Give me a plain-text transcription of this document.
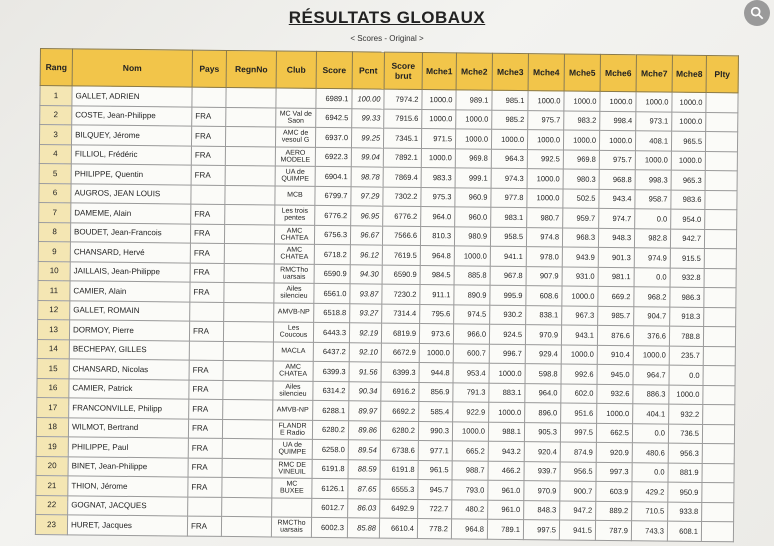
RÉSULTATS GLOBAUX
< Scores - Original >
Rang	Nom	Pays	RegnNo	Club	Score	Pcnt	Score brut	Mche1	Mche2	Mche3	Mche4	Mche5	Mche6	Mche7	Mche8	Plty
1	GALLET, ADRIEN				6989.1	100.00	7974.2	1000.0	989.1	985.1	1000.0	1000.0	1000.0	1000.0	1000.0	
2	COSTE, Jean-Philippe	FRA		MC Val de Saon	6942.5	99.33	7915.6	1000.0	1000.0	985.2	975.7	983.2	998.4	973.1	1000.0	
3	BILQUEY, Jérome	FRA		AMC de vesoul G	6937.0	99.25	7345.1	971.5	1000.0	1000.0	1000.0	1000.0	1000.0	408.1	965.5	
4	FILLIOL, Frédéric	FRA		AERO MODELE	6922.3	99.04	7892.1	1000.0	969.8	964.3	992.5	969.8	975.7	1000.0	1000.0	
5	PHILIPPE, Quentin	FRA		UA de QUIMPE	6904.1	98.78	7869.4	983.3	999.1	974.3	1000.0	980.3	968.8	998.3	965.3	
6	AUGROS, JEAN LOUIS			MCB	6799.7	97.29	7302.2	975.3	960.9	977.8	1000.0	502.5	943.4	958.7	983.6	
7	DAMEME, Alain	FRA		Les trois pentes	6776.2	96.95	6776.2	964.0	960.0	983.1	980.7	959.7	974.7	0.0	954.0	
8	BOUDET, Jean-Francois	FRA		AMC CHATEA	6756.3	96.67	7566.6	810.3	980.9	958.5	974.8	968.3	948.3	982.8	942.7	
9	CHANSARD, Hervé	FRA		AMC CHATEA	6718.2	96.12	7619.5	964.8	1000.0	941.1	978.0	943.9	901.3	974.9	915.5	
10	JAILLAIS, Jean-Philippe	FRA		RMCTho uarsais	6590.9	94.30	6590.9	984.5	885.8	967.8	907.9	931.0	981.1	0.0	932.8	
11	CAMIER, Alain	FRA		Ailes silencieu	6561.0	93.87	7230.2	911.1	890.9	995.9	608.6	1000.0	669.2	968.2	986.3	
12	GALLET, ROMAIN			AMVB-NP	6518.8	93.27	7314.4	795.6	974.5	930.2	838.1	967.3	985.7	904.7	918.3	
13	DORMOY, Pierre	FRA		Les Coucous	6443.3	92.19	6819.9	973.6	966.0	924.5	970.9	943.1	876.6	376.6	788.8	
14	BECHEPAY, GILLES			MACLA	6437.2	92.10	6672.9	1000.0	600.7	996.7	929.4	1000.0	910.4	1000.0	235.7	
15	CHANSARD, Nicolas	FRA		AMC CHATEA	6399.3	91.56	6399.3	944.8	953.4	1000.0	598.8	992.6	945.0	964.7	0.0	
16	CAMIER, Patrick	FRA		Ailes silencieu	6314.2	90.34	6916.2	856.9	791.3	883.1	964.0	602.0	932.6	886.3	1000.0	
17	FRANCONVILLE, Philipp	FRA		AMVB-NP	6288.1	89.97	6692.2	585.4	922.9	1000.0	896.0	951.6	1000.0	404.1	932.2	
18	WILMOT, Bertrand	FRA		FLANDR E Radio	6280.2	89.86	6280.2	990.3	1000.0	988.1	905.3	997.5	662.5	0.0	736.5	
19	PHILIPPE, Paul	FRA		UA de QUIMPE	6258.0	89.54	6738.6	977.1	665.2	943.2	920.4	874.9	920.9	480.6	956.3	
20	BINET, Jean-Philippe	FRA		RMC DE VINEUIL	6191.8	88.59	6191.8	961.5	988.7	466.2	939.7	956.5	997.3	0.0	881.9	
21	THION, Jérome	FRA		MC BUXEE	6126.1	87.65	6555.3	945.7	793.0	961.0	970.9	900.7	603.9	429.2	950.9	
22	GOGNAT, JACQUES				6012.7	86.03	6492.9	722.7	480.2	961.0	848.3	947.2	889.2	710.5	933.8	
23	HURET, Jacques	FRA		RMCTho uarsais	6002.3	85.88	6610.4	778.2	964.8	789.1	997.5	941.5	787.9	743.3	608.1	
